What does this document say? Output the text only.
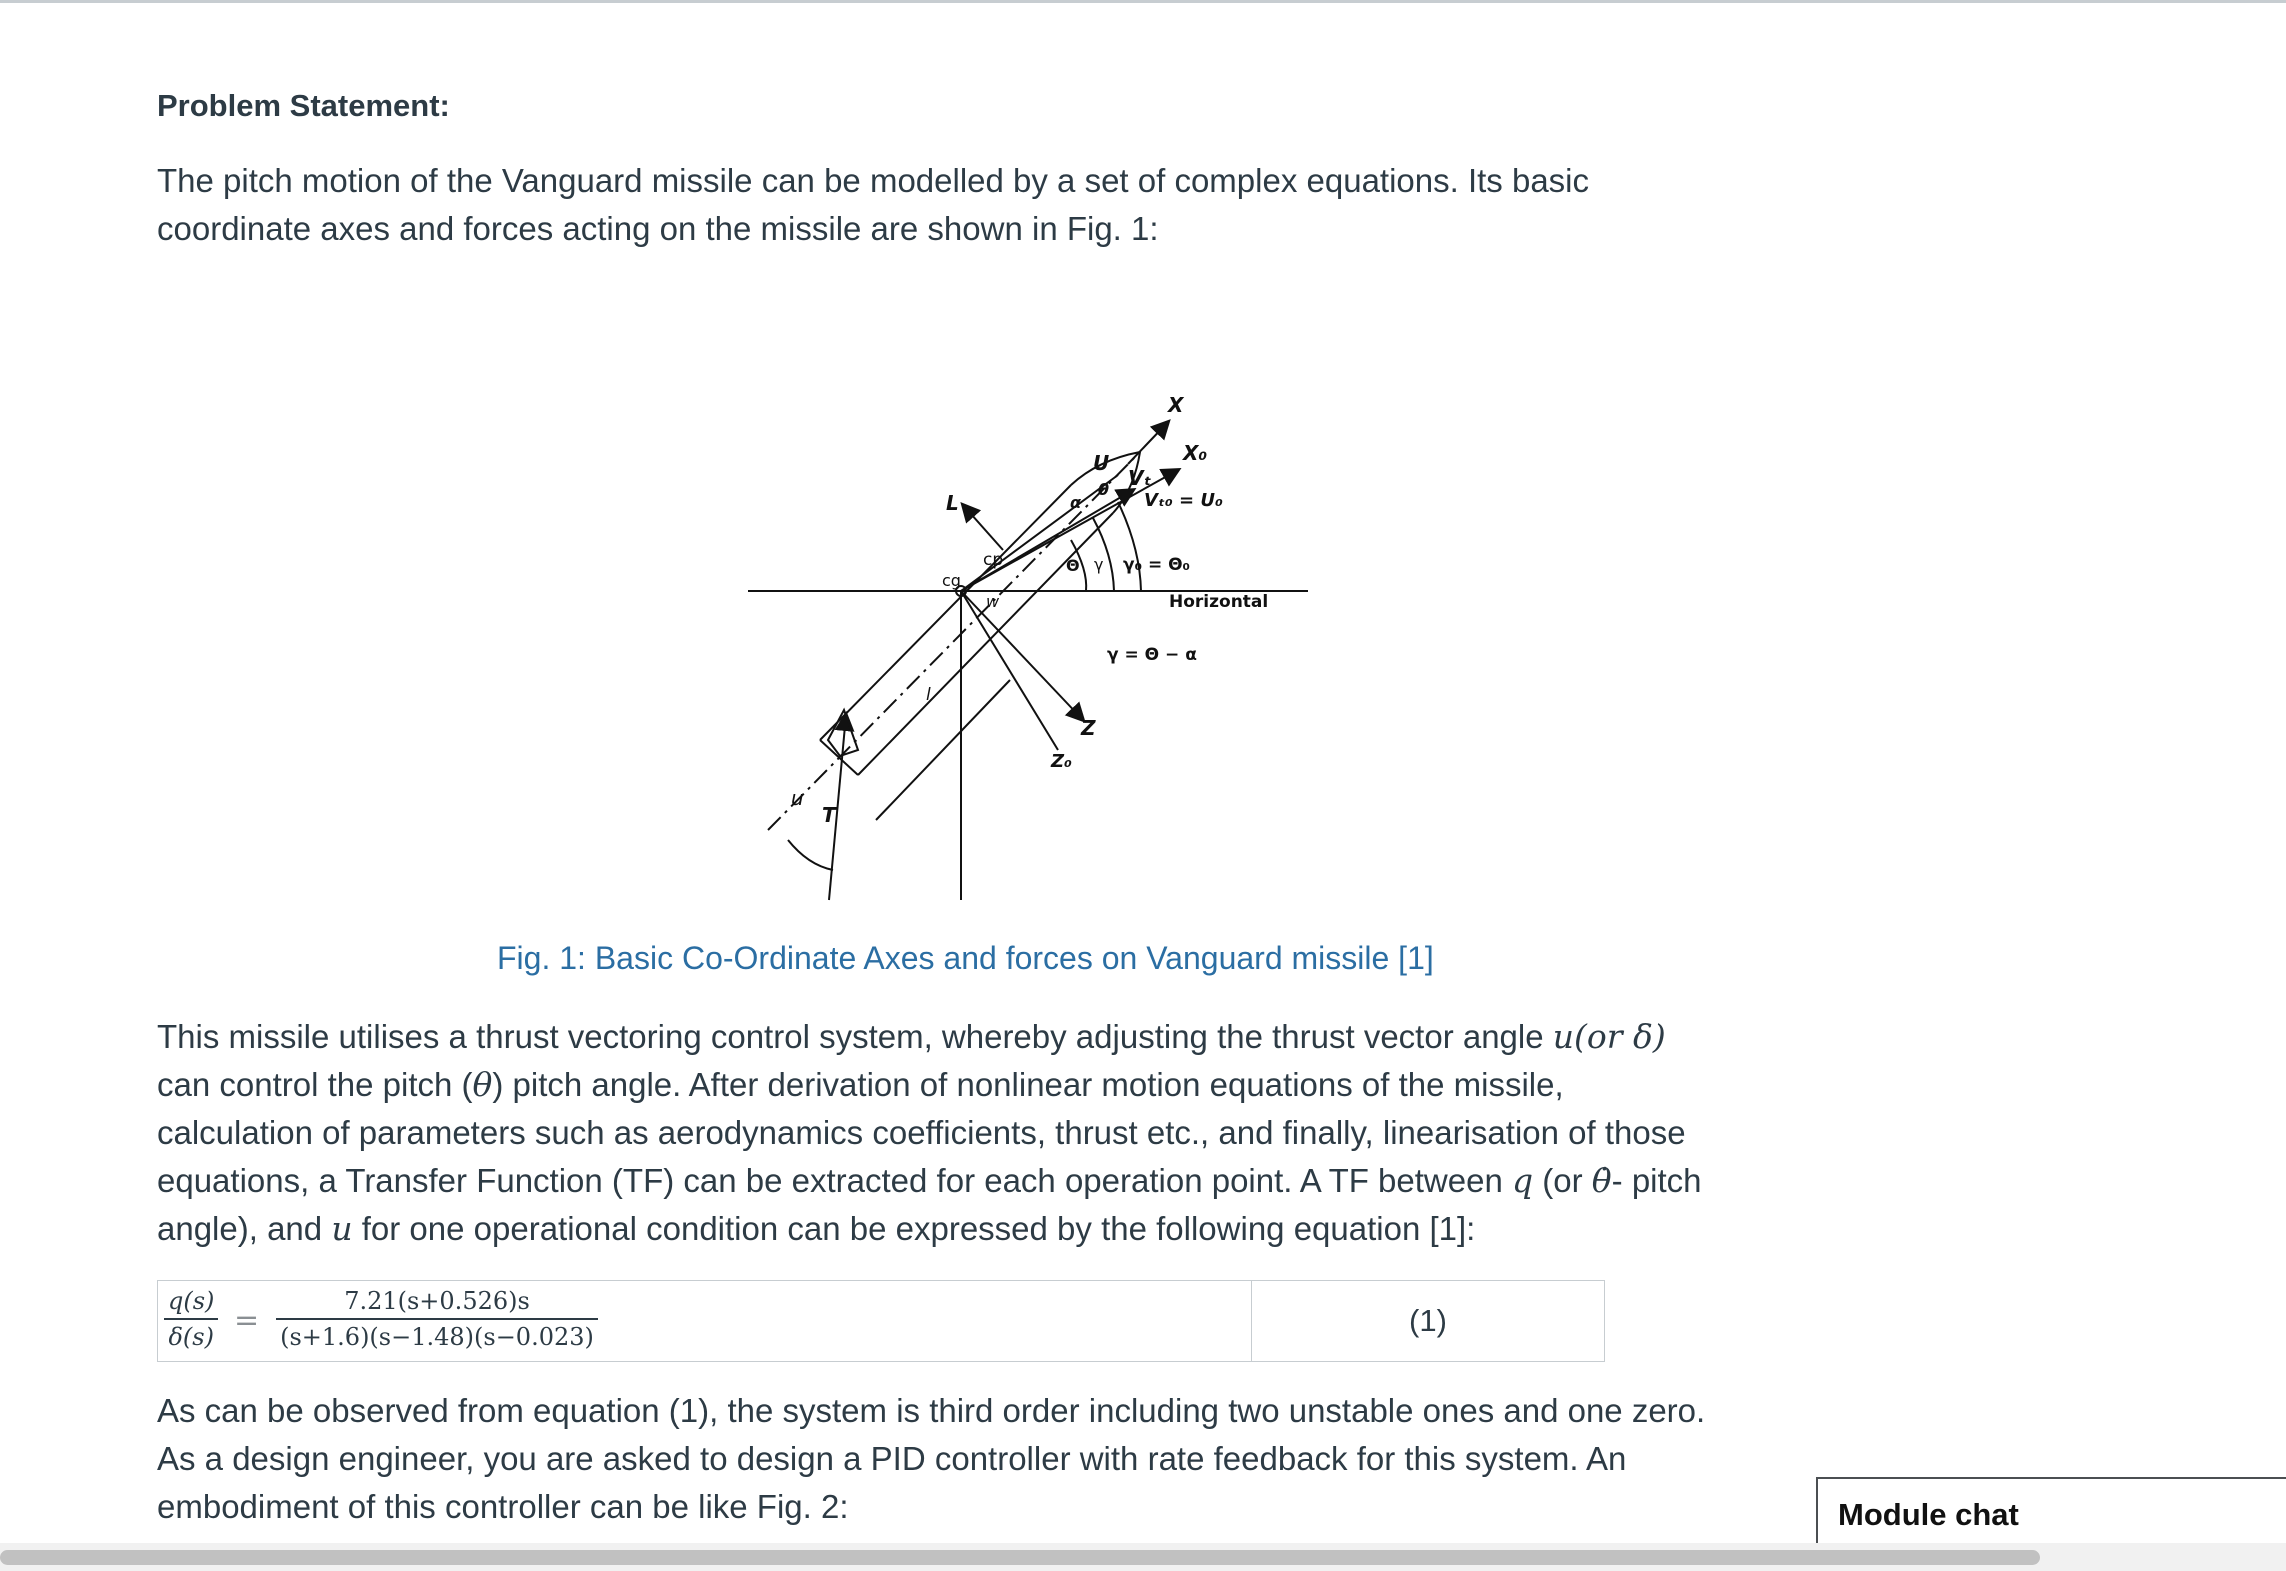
Problem Statement:
The pitch motion of the Vanguard missile can be modelled by a set of complex equations. Its basic coordinate axes and forces acting on the missile are shown in Fig. 1:
X
X₀
U
Vₜ
θ
α	Vₜ₀ = U₀
L
cp	Θ γ γ₀ = Θ₀
cg
w	Horizontal
γ = Θ − α
l
Z
Z₀
u
T
Fig. 1: Basic Co-Ordinate Axes and forces on Vanguard missile [1]
This missile utilises a thrust vectoring control system, whereby adjusting the thrust vector angle u(or δ) can control the pitch (θ) pitch angle. After derivation of nonlinear motion equations of the missile, calculation of parameters such as aerodynamics coefficients, thrust etc., and finally, linearisation of those equations, a Transfer Function (TF) can be extracted for each operation point. A TF between q (or θ̇- pitch angle), and u for one operational condition can be expressed by the following equation [1]:
q(s)
δ(s) =
7.21(s+0.526)s
(s+1.6)(s−1.48)(s−0.023)	(1)
As can be observed from equation (1), the system is third order including two unstable ones and one zero. As a design engineer, you are asked to design a PID controller with rate feedback for this system. An embodiment of this controller can be like Fig. 2:	Module chat
